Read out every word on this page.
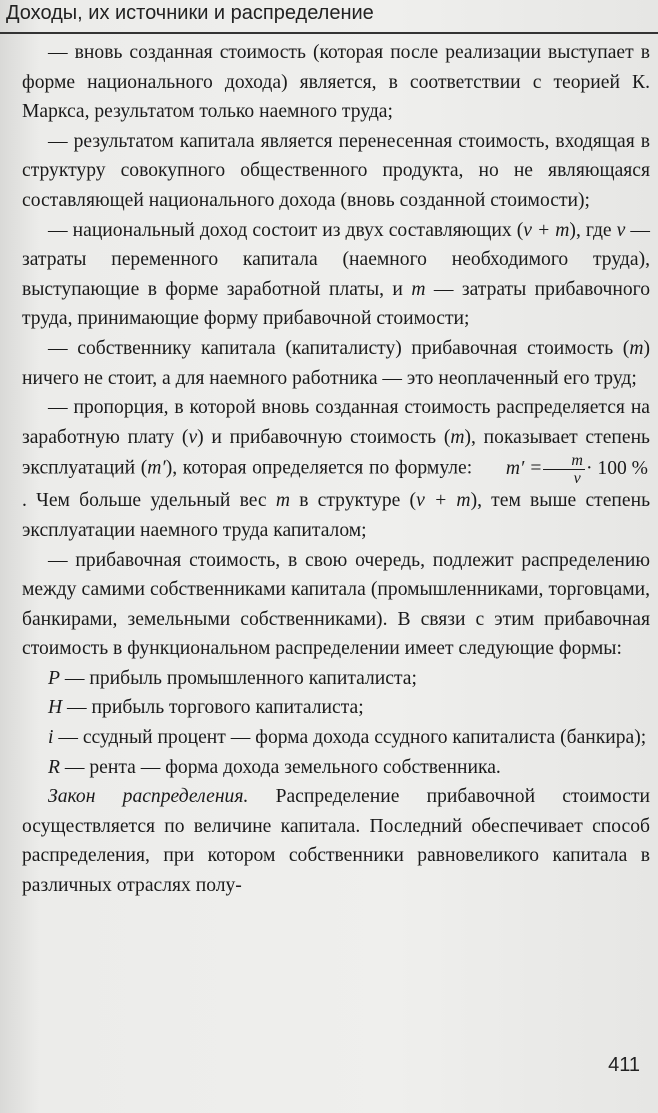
Доходы, их источники и распределение

— вновь созданная стоимость (которая после реализации выступает в форме национального дохода) является, в соответствии с теорией К. Маркса, результатом только наемного труда;

— результатом капитала является перенесенная стоимость, входящая в структуру совокупного общественного продукта, но не являющаяся составляющей национального дохода (вновь созданной стоимости);

— национальный доход состоит из двух составляющих (v + m), где v — затраты переменного капитала (наемного необходимого труда), выступающие в форме заработной платы, и m — затраты прибавочного труда, принимающие форму прибавочной стоимости;

— собственнику капитала (капиталисту) прибавочная стоимость (m) ничего не стоит, а для наемного работника — это неоплаченный его труд;

— пропорция, в которой вновь созданная стоимость распределяется на заработную плату (v) и прибавочную стоимость (m), показывает степень эксплуатаций (m′), которая определяется по формуле: $m' = \frac{m}{v} \cdot 100$ %. Чем больше удельный вес m в структуре (v + m), тем выше степень эксплуатации наемного труда капиталом;

— прибавочная стоимость, в свою очередь, подлежит распределению между самими собственниками капитала (промышленниками, торговцами, банкирами, земельными собственниками). В связи с этим прибавочная стоимость в функциональном распределении имеет следующие формы:

P — прибыль промышленного капиталиста;

Н — прибыль торгового капиталиста;

i — ссудный процент — форма дохода ссудного капиталиста (банкира);

R — рента — форма дохода земельного собственника.

Закон распределения. Распределение прибавочной стоимости осуществляется по величине капитала. Последний обеспечивает способ распределения, при котором собственники равновеликого капитала в различных отраслях полу-

411
